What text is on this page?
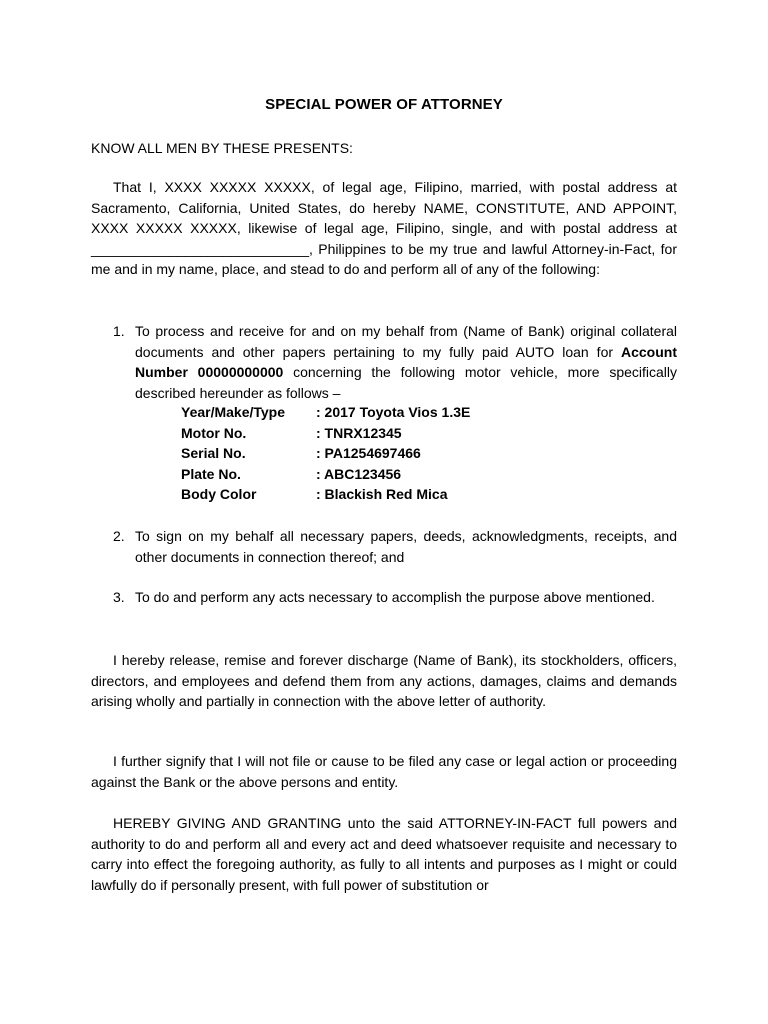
SPECIAL POWER OF ATTORNEY
KNOW ALL MEN BY THESE PRESENTS:

That I, XXXX XXXXX XXXXX, of legal age, Filipino, married, with postal address at Sacramento, California, United States, do hereby NAME, CONSTITUTE, AND APPOINT, XXXX XXXXX XXXXX, likewise of legal age, Filipino, single, and with postal address at ____________________________, Philippines to be my true and lawful Attorney-in-Fact, for me and in my name, place, and stead to do and perform all of any of the following:

1. To process and receive for and on my behalf from (Name of Bank) original collateral documents and other papers pertaining to my fully paid AUTO loan for Account Number 00000000000 concerning the following motor vehicle, more specifically described hereunder as follows –
Year/Make/Type	: 2017 Toyota Vios 1.3E
Motor No.	: TNRX12345
Serial No.	: PA1254697466
Plate No.	: ABC123456
Body Color	: Blackish Red Mica
2. To sign on my behalf all necessary papers, deeds, acknowledgments, receipts, and other documents in connection thereof; and
3. To do and perform any acts necessary to accomplish the purpose above mentioned.

I hereby release, remise and forever discharge (Name of Bank), its stockholders, officers, directors, and employees and defend them from any actions, damages, claims and demands arising wholly and partially in connection with the above letter of authority.

I further signify that I will not file or cause to be filed any case or legal action or proceeding against the Bank or the above persons and entity.

HEREBY GIVING AND GRANTING unto the said ATTORNEY-IN-FACT full powers and authority to do and perform all and every act and deed whatsoever requisite and necessary to carry into effect the foregoing authority, as fully to all intents and purposes as I might or could lawfully do if personally present, with full power of substitution or
